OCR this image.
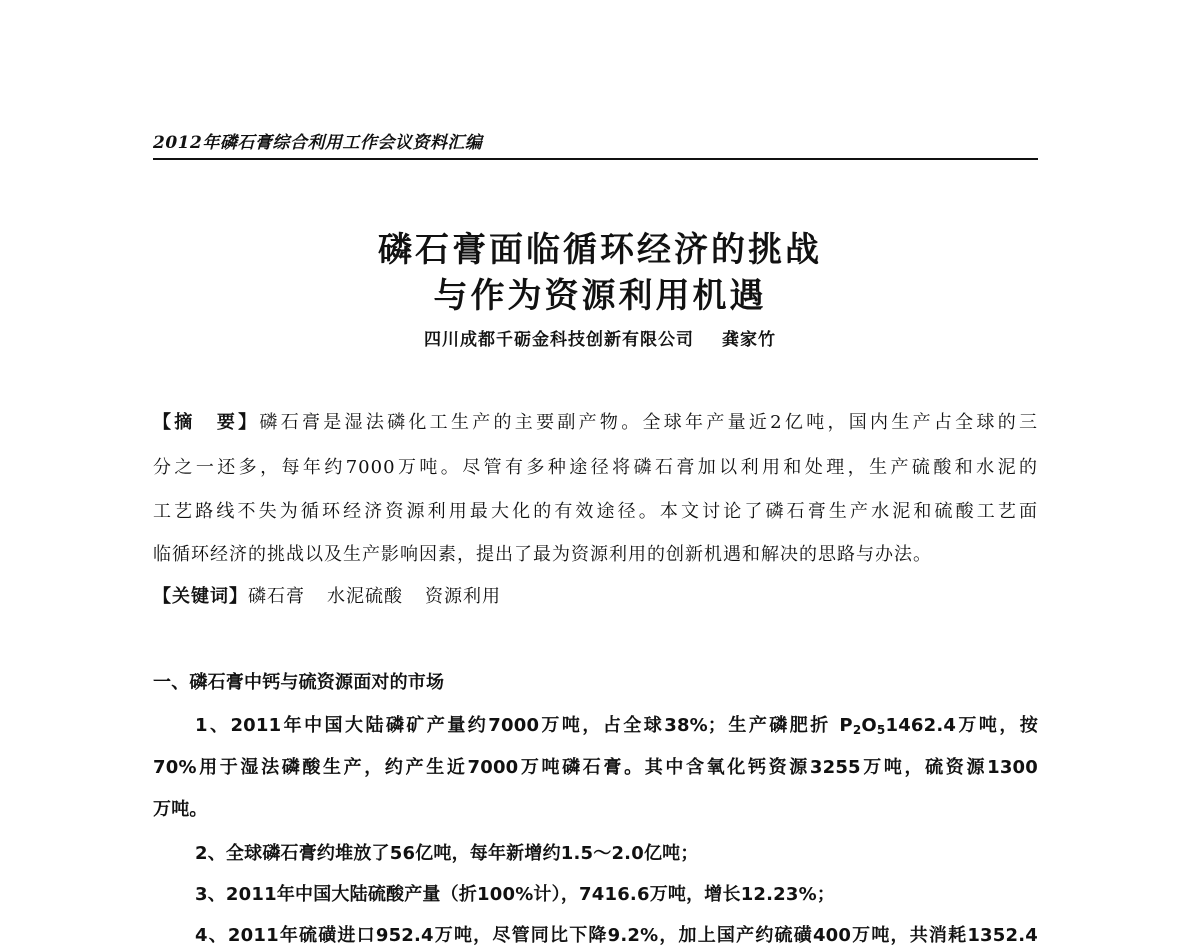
2012年磷石膏综合利用工作会议资料汇编
磷石膏面临循环经济的挑战
与作为资源利用机遇
四川成都千砺金科技创新有限公司 龚家竹
【摘　要】磷石膏是湿法磷化工生产的主要副产物。全球年产量近2亿吨，国内生产占全球的三
分之一还多，每年约7000万吨。尽管有多种途径将磷石膏加以利用和处理，生产硫酸和水泥的
工艺路线不失为循环经济资源利用最大化的有效途径。本文讨论了磷石膏生产水泥和硫酸工艺面
临循环经济的挑战以及生产影响因素，提出了最为资源利用的创新机遇和解决的思路与办法。
【关键词】磷石膏 水泥硫酸 资源利用
一、磷石膏中钙与硫资源面对的市场
1、2011年中国大陆磷矿产量约7000万吨，占全球38%；生产磷肥折 $P_2O_51462.4$万吨，按
70%用于湿法磷酸生产，约产生近7000万吨磷石膏。其中含氧化钙资源3255万吨，硫资源1300
万吨。
2、全球磷石膏约堆放了56亿吨，每年新增约1.5～2.0亿吨；
3、2011年中国大陆硫酸产量（折100%计），7416.6万吨，增长12.23%；
4、2011年硫磺进口952.4万吨，尽管同比下降9.2%，加上国产约硫磺400万吨，共消耗1352.4
